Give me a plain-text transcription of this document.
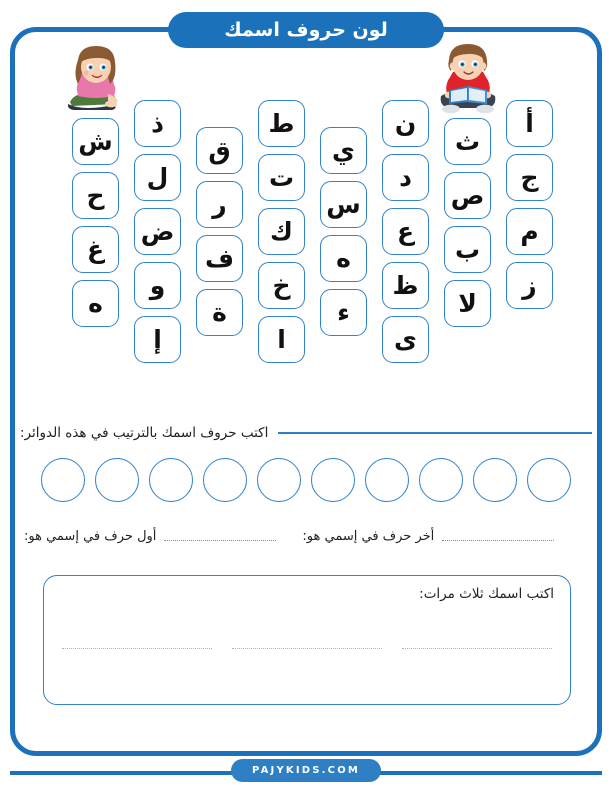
لون حروف اسمك
ش
ح
غ
ه
ذ
ل
ض
و
إ
ق
ر
ف
ة
ط
ت
ك
خ
ا
ي
س
ه
ء
ن
د
ع
ظ
ى
ث
ص
ب
لا
أ
ج
م
ز
اكتب حروف اسمك بالترتيب في هذه الدوائر:
أول حرف في إسمي هو:	أخر حرف في إسمي هو:
اكتب اسمك ثلاث مرات:
PAJYKIDS.COM
